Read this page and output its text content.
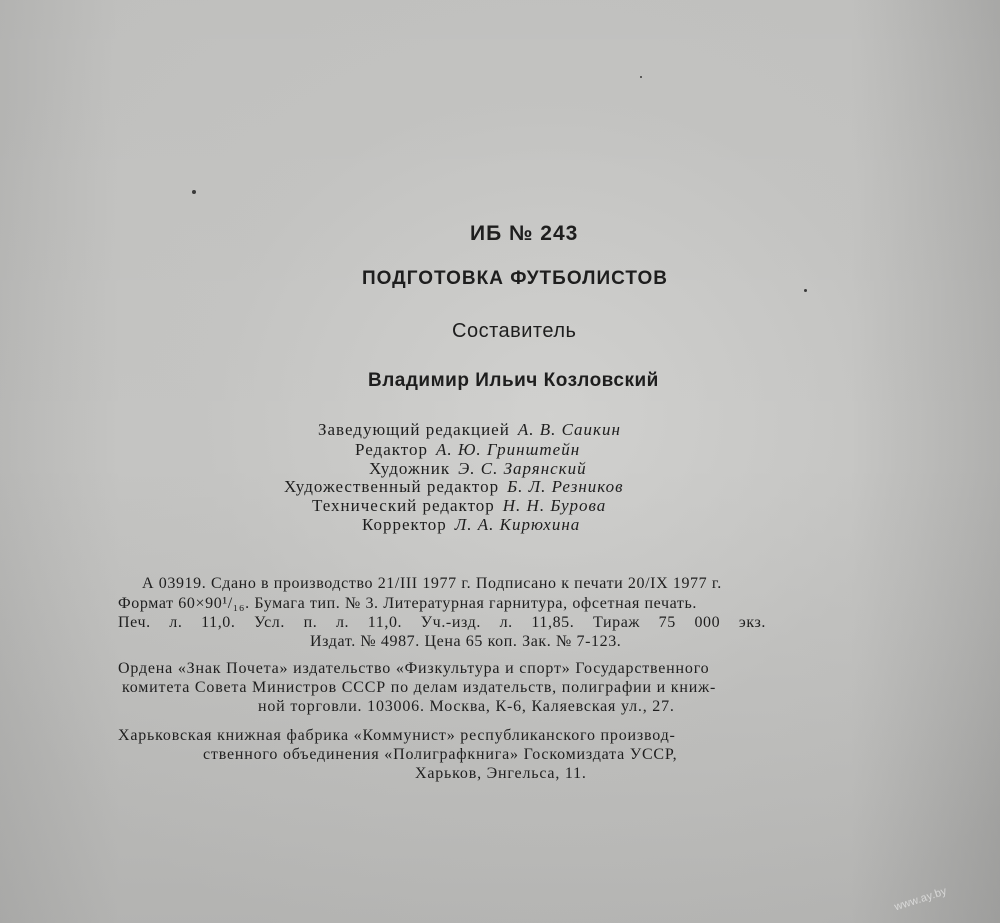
ИБ № 243
ПОДГОТОВКА ФУТБОЛИСТОВ
Составитель
Владимир Ильич Козловский
Заведующий редакцией А. В. Саикин
Редактор А. Ю. Гринштейн
Художник Э. С. Зарянский
Художественный редактор Б. Л. Резников
Технический редактор Н. Н. Бурова
Корректор Л. А. Кирюхина
А 03919. Сдано в производство 21/III 1977 г. Подписано к печати 20/IX 1977 г.
Формат 60×90¹/₁₆. Бумага тип. № 3. Литературная гарнитура, офсетная печать.
Печ. л. 11,0. Усл. п. л. 11,0. Уч.-изд. л. 11,85. Тираж 75 000 экз.
Издат. № 4987. Цена 65 коп. Зак. № 7-123.
Ордена «Знак Почета» издательство «Физкультура и спорт» Государственного
комитета Совета Министров СССР по делам издательств, полиграфии и книж-
ной торговли. 103006. Москва, К-6, Каляевская ул., 27.
Харьковская книжная фабрика «Коммунист» республиканского производ-
ственного объединения «Полиграфкнига» Госкомиздата УССР,
Харьков, Энгельса, 11.
www.ay.by
